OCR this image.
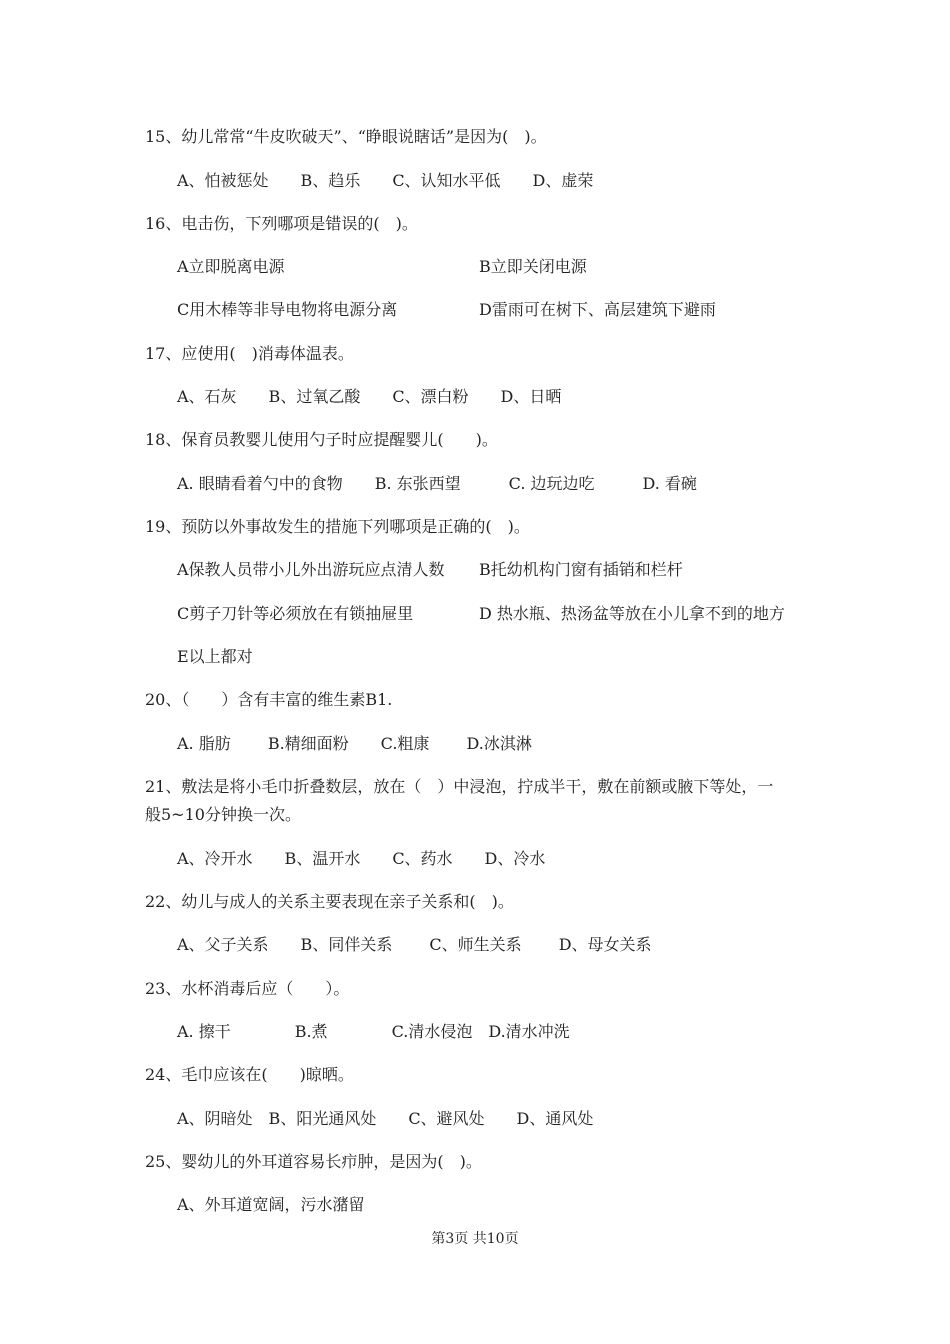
15、幼儿常常“牛皮吹破天”、“睁眼说瞎话”是因为(　)。
A、怕被惩处　　B、趋乐　　C、认知水平低　　D、虚荣
16、电击伤，下列哪项是错误的(　)。
A立即脱离电源	B立即关闭电源
C用木棒等非导电物将电源分离	D雷雨可在树下、高层建筑下避雨
17、应使用(　)消毒体温表。
A、石灰　　B、过氧乙酸　　C、漂白粉　　D、日晒
18、保育员教婴儿使用勺子时应提醒婴儿(　　)。
A. 眼睛看着勺中的食物　　B. 东张西望　　　C. 边玩边吃　　　D. 看碗
19、预防以外事故发生的措施下列哪项是正确的(　)。
A保教人员带小儿外出游玩应点清人数 B托幼机构门窗有插销和栏杆
C剪子刀针等必须放在有锁抽屉里	D 热水瓶、热汤盆等放在小儿拿不到的地方
E以上都对
20、（　　）含有丰富的维生素B1.
A. 脂肪　　 B.精细面粉　　C.粗康　　 D.冰淇淋
21、敷法是将小毛巾折叠数层，放在（　）中浸泡，拧成半干，敷在前额或腋下等处，一
般5~10分钟换一次。
A、冷开水　　B、温开水　　C、药水　　D、冷水
22、幼儿与成人的关系主要表现在亲子关系和(　)。
A、父子关系　　B、同伴关系　　 C、师生关系　　 D、母女关系
23、水杯消毒后应（　　）。
A. 擦干　　　　B.煮　　　　C.清水侵泡　D.清水冲洗
24、毛巾应该在(　　)晾晒。
A、阴暗处　B、阳光通风处　　C、避风处　　D、通风处
25、婴幼儿的外耳道容易长疖肿，是因为(　)。
A、外耳道宽阔，污水潴留
第3页 共10页
